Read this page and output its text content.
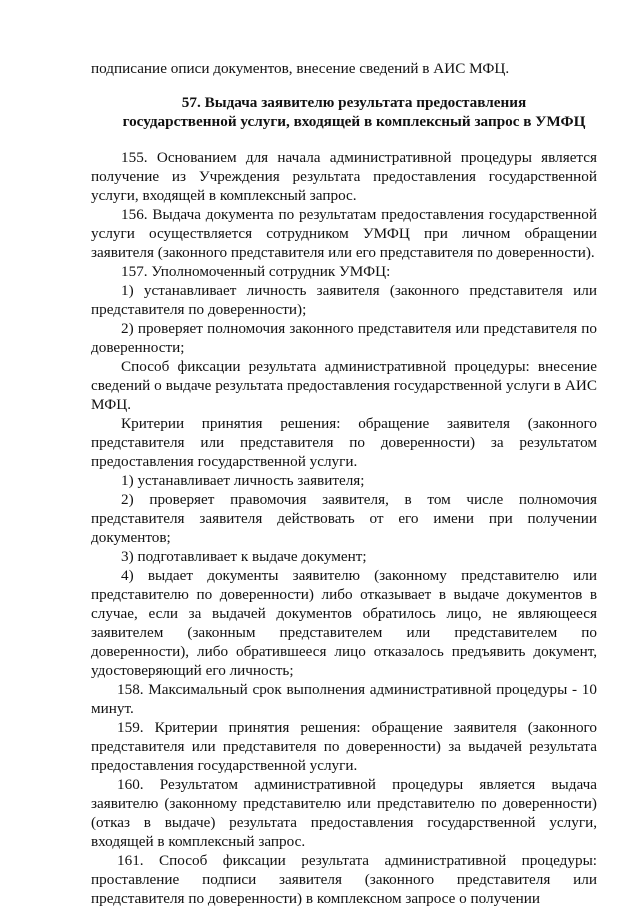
подписание описи документов, внесение сведений в АИС МФЦ.

57. Выдача заявителю результата предоставления
государственной услуги, входящей в комплексный запрос в УМФЦ

155. Основанием для начала административной процедуры является получение из Учреждения результата предоставления государственной услуги, входящей в комплексный запрос.

156. Выдача документа по результатам предоставления государственной услуги осуществляется сотрудником УМФЦ при личном обращении заявителя (законного представителя или его представителя по доверенности).

157. Уполномоченный сотрудник УМФЦ:

1) устанавливает личность заявителя (законного представителя или представителя по доверенности);

2) проверяет полномочия законного представителя или представителя по доверенности;

Способ фиксации результата административной процедуры: внесение сведений о выдаче результата предоставления государственной услуги в АИС МФЦ.

Критерии принятия решения: обращение заявителя (законного представителя или представителя по доверенности) за результатом предоставления государственной услуги.

1) устанавливает личность заявителя;

2) проверяет правомочия заявителя, в том числе полномочия представителя заявителя действовать от его имени при получении документов;

3) подготавливает к выдаче документ;

4) выдает документы заявителю (законному представителю или представителю по доверенности) либо отказывает в выдаче документов в случае, если за выдачей документов обратилось лицо, не являющееся заявителем (законным представителем или представителем по доверенности), либо обратившееся лицо отказалось предъявить документ, удостоверяющий его личность;

158. Максимальный срок выполнения административной процедуры - 10 минут.

159. Критерии принятия решения: обращение заявителя (законного представителя или представителя по доверенности) за выдачей результата предоставления государственной услуги.

160. Результатом административной процедуры является выдача заявителю (законному представителю или представителю по доверенности) (отказ в выдаче) результата предоставления государственной услуги, входящей в комплексный запрос.

161. Способ фиксации результата административной процедуры: проставление подписи заявителя (законного представителя или представителя по доверенности) в комплексном запросе о получении
